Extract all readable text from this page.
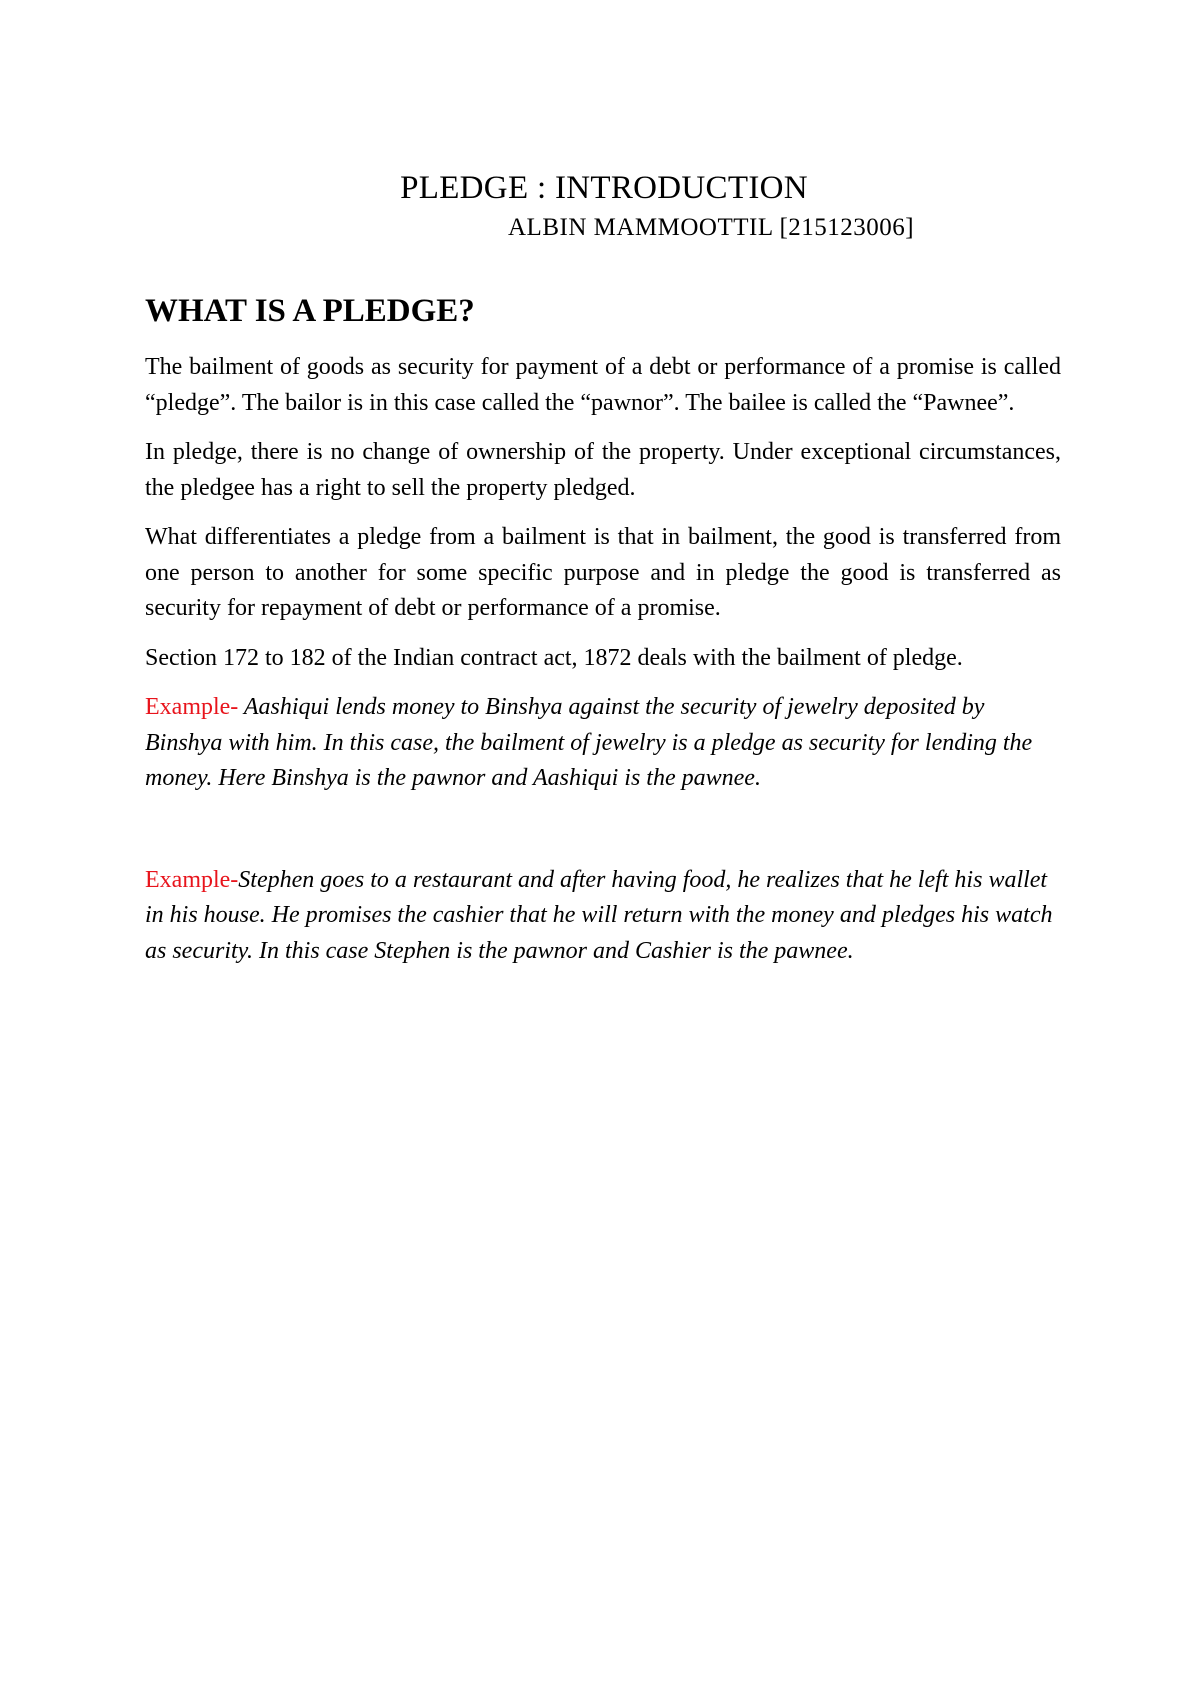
PLEDGE : INTRODUCTION
ALBIN MAMMOOTTIL [215123006]
WHAT IS A PLEDGE?

The bailment of goods as security for payment of a debt or performance of a promise is called “pledge”. The bailor is in this case called the “pawnor”. The bailee is called the “Pawnee”.

In pledge, there is no change of ownership of the property. Under exceptional circumstances, the pledgee has a right to sell the property pledged.

What differentiates a pledge from a bailment is that in bailment, the good is transferred from one person to another for some specific purpose and in pledge the good is transferred as security for repayment of debt or performance of a promise.

Section 172 to 182 of the Indian contract act, 1872 deals with the bailment of pledge.

Example- Aashiqui lends money to Binshya against the security of jewelry deposited by Binshya with him. In this case, the bailment of jewelry is a pledge as security for lending the money. Here Binshya is the pawnor and Aashiqui is the pawnee.

Example-Stephen goes to a restaurant and after having food, he realizes that he left his wallet in his house. He promises the cashier that he will return with the money and pledges his watch as security. In this case Stephen is the pawnor and Cashier is the pawnee.
